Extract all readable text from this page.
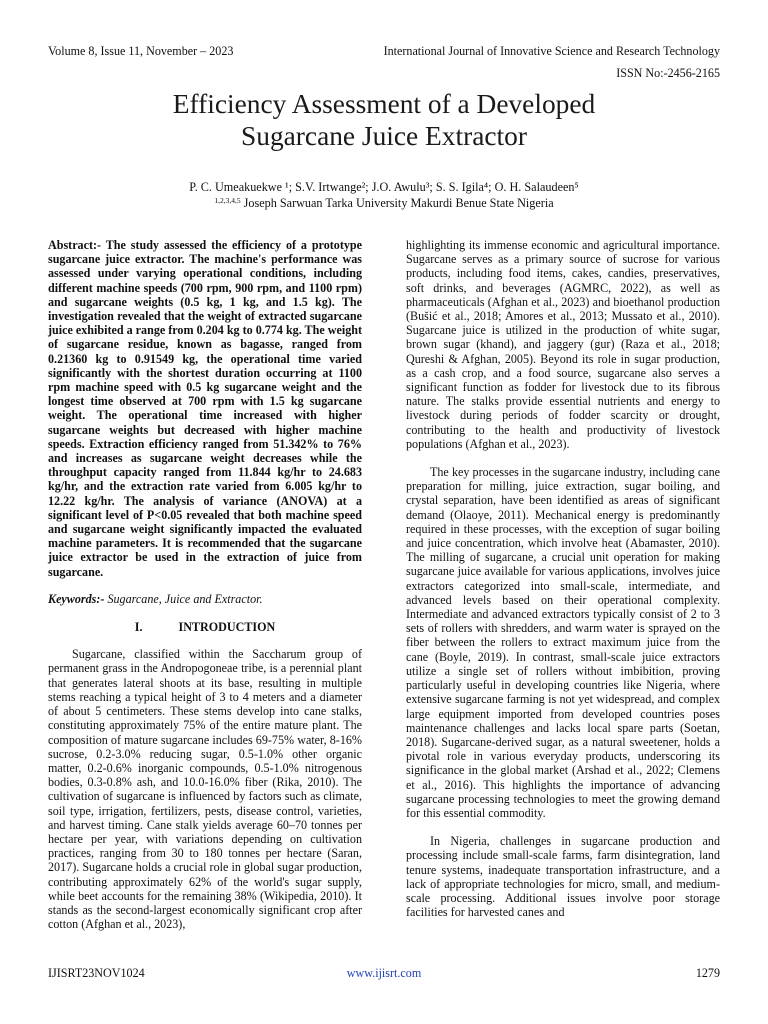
Volume 8, Issue 11, November – 2023	International Journal of Innovative Science and Research Technology
ISSN No:-2456-2165
Efficiency Assessment of a Developed
Sugarcane Juice Extractor
P. C. Umeakuekwe ¹; S.V. Irtwange²; J.O. Awulu³; S. S. Igila⁴; O. H. Salaudeen⁵
$^{1,2,3,4,5}$ Joseph Sarwuan Tarka University Makurdi Benue State Nigeria

Abstract:- The study assessed the efficiency of a prototype sugarcane juice extractor. The machine's performance was assessed under varying operational conditions, including different machine speeds (700 rpm, 900 rpm, and 1100 rpm) and sugarcane weights (0.5 kg, 1 kg, and 1.5 kg). The investigation revealed that the weight of extracted sugarcane juice exhibited a range from 0.204 kg to 0.774 kg. The weight of sugarcane residue, known as bagasse, ranged from 0.21360 kg to 0.91549 kg, the operational time varied significantly with the shortest duration occurring at 1100 rpm machine speed with 0.5 kg sugarcane weight and the longest time observed at 700 rpm with 1.5 kg sugarcane weight. The operational time increased with higher sugarcane weights but decreased with higher machine speeds. Extraction efficiency ranged from 51.342% to 76% and increases as sugarcane weight decreases while the throughput capacity ranged from 11.844 kg/hr to 24.683 kg/hr, and the extraction rate varied from 6.005 kg/hr to 12.22 kg/hr. The analysis of variance (ANOVA) at a significant level of P<0.05 revealed that both machine speed and sugarcane weight significantly impacted the evaluated machine parameters. It is recommended that the sugarcane juice extractor be used in the extraction of juice from sugarcane.

Keywords:- Sugarcane, Juice and Extractor.

I.	INTRODUCTION

Sugarcane, classified within the Saccharum group of permanent grass in the Andropogoneae tribe, is a perennial plant that generates lateral shoots at its base, resulting in multiple stems reaching a typical height of 3 to 4 meters and a diameter of about 5 centimeters. These stems develop into cane stalks, constituting approximately 75% of the entire mature plant. The composition of mature sugarcane includes 69-75% water, 8-16% sucrose, 0.2-3.0% reducing sugar, 0.5-1.0% other organic matter, 0.2-0.6% inorganic compounds, 0.5-1.0% nitrogenous bodies, 0.3-0.8% ash, and 10.0-16.0% fiber (Rika, 2010). The cultivation of sugarcane is influenced by factors such as climate, soil type, irrigation, fertilizers, pests, disease control, varieties, and harvest timing. Cane stalk yields average 60–70 tonnes per hectare per year, with variations depending on cultivation practices, ranging from 30 to 180 tonnes per hectare (Saran, 2017). Sugarcane holds a crucial role in global sugar production, contributing approximately 62% of the world's sugar supply, while beet accounts for the remaining 38% (Wikipedia, 2010). It stands as the second-largest economically significant crop after cotton (Afghan et al., 2023),

highlighting its immense economic and agricultural importance. Sugarcane serves as a primary source of sucrose for various products, including food items, cakes, candies, preservatives, soft drinks, and beverages (AGMRC, 2022), as well as pharmaceuticals (Afghan et al., 2023) and bioethanol production (Bušić et al., 2018; Amores et al., 2013; Mussato et al., 2010). Sugarcane juice is utilized in the production of white sugar, brown sugar (khand), and jaggery (gur) (Raza et al., 2018; Qureshi & Afghan, 2005). Beyond its role in sugar production, as a cash crop, and a food source, sugarcane also serves a significant function as fodder for livestock due to its fibrous nature. The stalks provide essential nutrients and energy to livestock during periods of fodder scarcity or drought, contributing to the health and productivity of livestock populations (Afghan et al., 2023).

The key processes in the sugarcane industry, including cane preparation for milling, juice extraction, sugar boiling, and crystal separation, have been identified as areas of significant demand (Olaoye, 2011). Mechanical energy is predominantly required in these processes, with the exception of sugar boiling and juice concentration, which involve heat (Abamaster, 2010). The milling of sugarcane, a crucial unit operation for making sugarcane juice available for various applications, involves juice extractors categorized into small-scale, intermediate, and advanced levels based on their operational complexity. Intermediate and advanced extractors typically consist of 2 to 3 sets of rollers with shredders, and warm water is sprayed on the fiber between the rollers to extract maximum juice from the cane (Boyle, 2019). In contrast, small-scale juice extractors utilize a single set of rollers without imbibition, proving particularly useful in developing countries like Nigeria, where extensive sugarcane farming is not yet widespread, and complex large equipment imported from developed countries poses maintenance challenges and lacks local spare parts (Soetan, 2018). Sugarcane-derived sugar, as a natural sweetener, holds a pivotal role in various everyday products, underscoring its significance in the global market (Arshad et al., 2022; Clemens et al., 2016). This highlights the importance of advancing sugarcane processing technologies to meet the growing demand for this essential commodity.

In Nigeria, challenges in sugarcane production and processing include small-scale farms, farm disintegration, land tenure systems, inadequate transportation infrastructure, and a lack of appropriate technologies for micro, small, and medium-scale processing. Additional issues involve poor storage facilities for harvested canes and

IJISRT23NOV1024	www.ijisrt.com	1279
